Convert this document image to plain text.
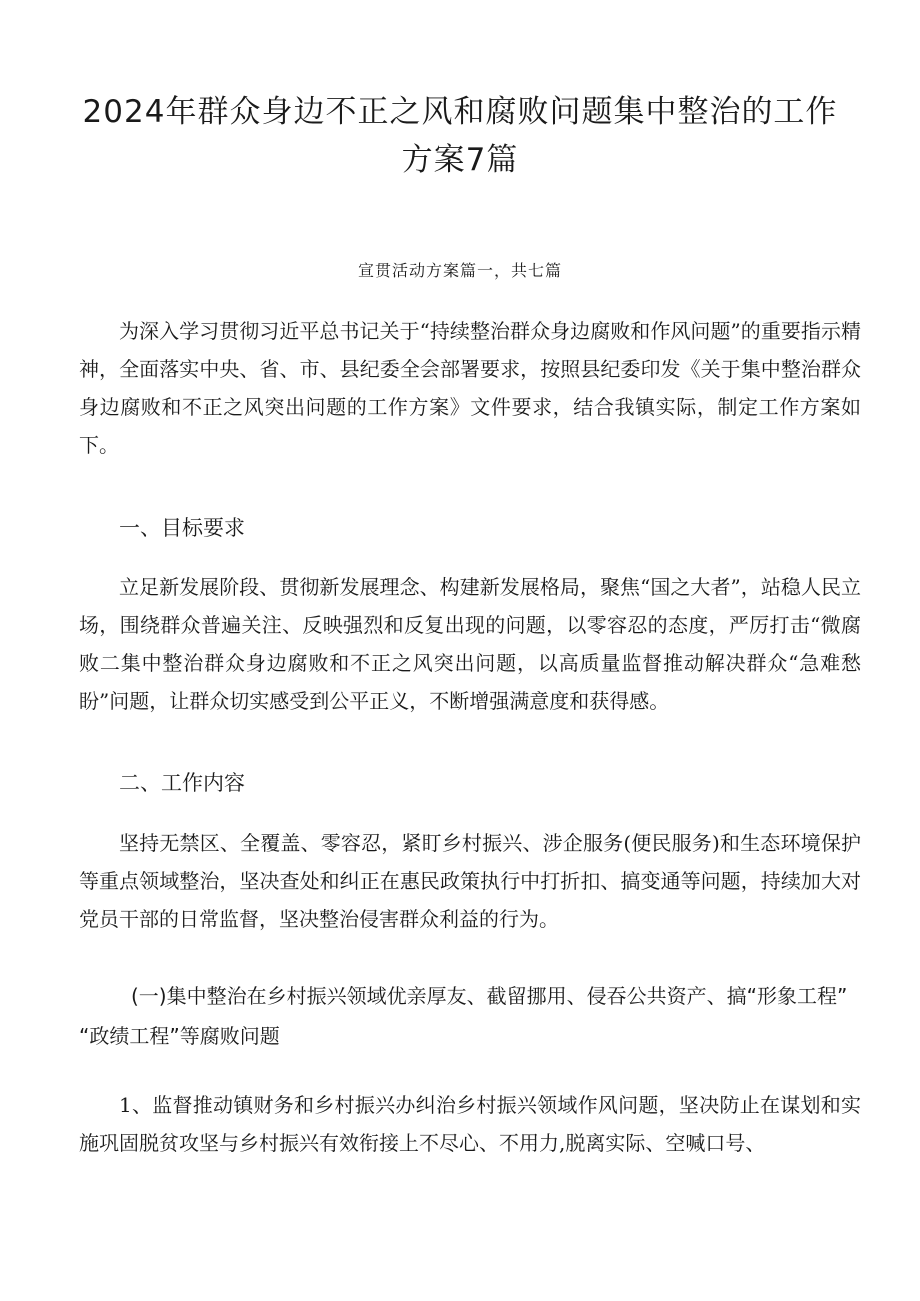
2024年群众身边不正之风和腐败问题集中整治的工作方案7篇

宣贯活动方案篇一，共七篇

为深入学习贯彻习近平总书记关于“持续整治群众身边腐败和作风问题”的重要指示精神，全面落实中央、省、市、县纪委全会部署要求，按照县纪委印发《关于集中整治群众身边腐败和不正之风突出问题的工作方案》文件要求，结合我镇实际，制定工作方案如下。

一、目标要求

立足新发展阶段、贯彻新发展理念、构建新发展格局，聚焦“国之大者”，站稳人民立场，围绕群众普遍关注、反映强烈和反复出现的问题，以零容忍的态度，严厉打击“微腐败二集中整治群众身边腐败和不正之风突出问题，以高质量监督推动解决群众“急难愁盼”问题，让群众切实感受到公平正义，不断增强满意度和获得感。

二、工作内容

坚持无禁区、全覆盖、零容忍，紧盯乡村振兴、涉企服务(便民服务)和生态环境保护等重点领域整治，坚决查处和纠正在惠民政策执行中打折扣、搞变通等问题，持续加大对党员干部的日常监督，坚决整治侵害群众利益的行为。

(一)集中整治在乡村振兴领域优亲厚友、截留挪用、侵吞公共资产、搞“形象工程” “政绩工程”等腐败问题

1、监督推动镇财务和乡村振兴办纠治乡村振兴领域作风问题，坚决防止在谋划和实施巩固脱贫攻坚与乡村振兴有效衔接上不尽心、不用力,脱离实际、空喊口号、
